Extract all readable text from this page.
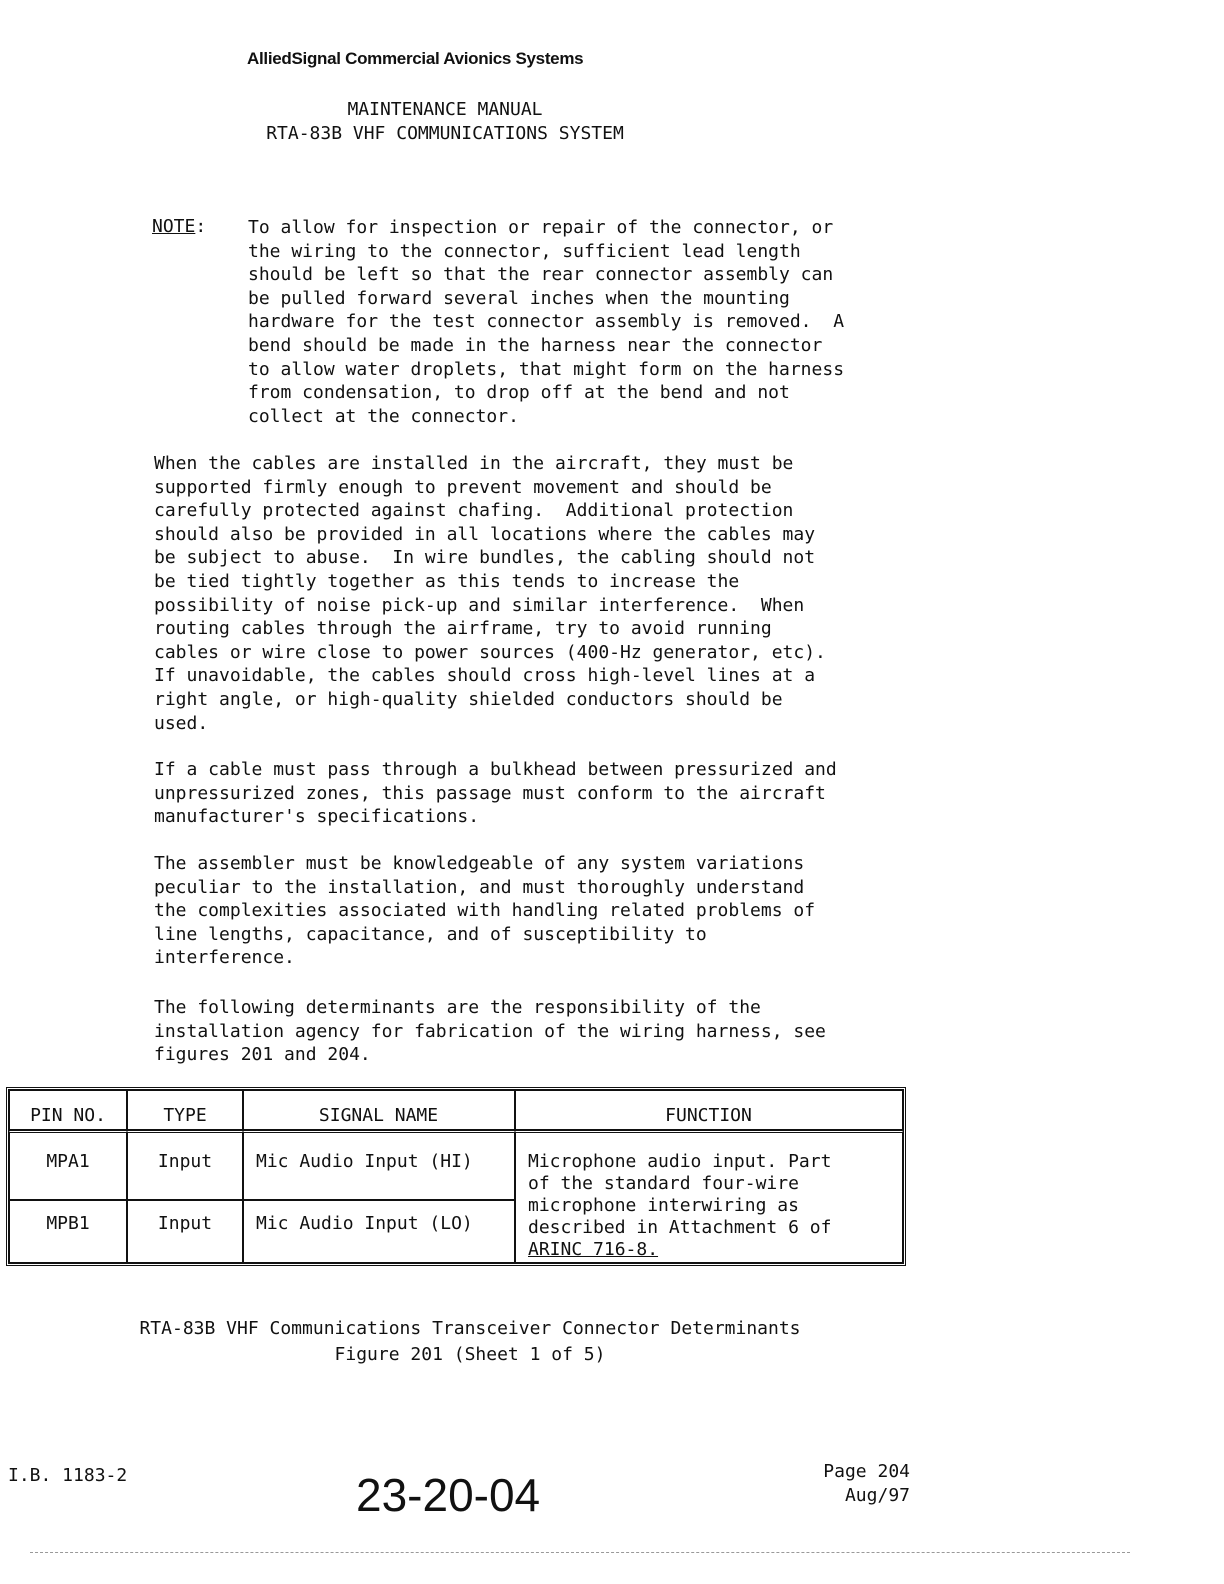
AlliedSignal Commercial Avionics Systems
MAINTENANCE MANUAL
RTA-83B VHF COMMUNICATIONS SYSTEM
NOTE: To allow for inspection or repair of the connector, or
the wiring to the connector, sufficient lead length
should be left so that the rear connector assembly can
be pulled forward several inches when the mounting
hardware for the test connector assembly is removed.  A
bend should be made in the harness near the connector
to allow water droplets, that might form on the harness
from condensation, to drop off at the bend and not
collect at the connector.
When the cables are installed in the aircraft, they must be
supported firmly enough to prevent movement and should be
carefully protected against chafing.  Additional protection
should also be provided in all locations where the cables may
be subject to abuse.  In wire bundles, the cabling should not
be tied tightly together as this tends to increase the
possibility of noise pick-up and similar interference.  When
routing cables through the airframe, try to avoid running
cables or wire close to power sources (400-Hz generator, etc).
If unavoidable, the cables should cross high-level lines at a
right angle, or high-quality shielded conductors should be
used.
If a cable must pass through a bulkhead between pressurized and
unpressurized zones, this passage must conform to the aircraft
manufacturer's specifications.
The assembler must be knowledgeable of any system variations
peculiar to the installation, and must thoroughly understand
the complexities associated with handling related problems of
line lengths, capacitance, and of susceptibility to
interference.
The following determinants are the responsibility of the
installation agency for fabrication of the wiring harness, see
figures 201 and 204.
PIN NO.	TYPE	SIGNAL NAME	FUNCTION
MPA1	Input	Mic Audio Input (HI)	Microphone audio input. Part
of the standard four-wire
microphone interwiring as
described in Attachment 6 of
ARINC 716-8.
MPB1	Input	Mic Audio Input (LO)	
RTA-83B VHF Communications Transceiver Connector Determinants
Figure 201 (Sheet 1 of 5)
I.B. 1183-2	23-20-04	Page 204
Aug/97
